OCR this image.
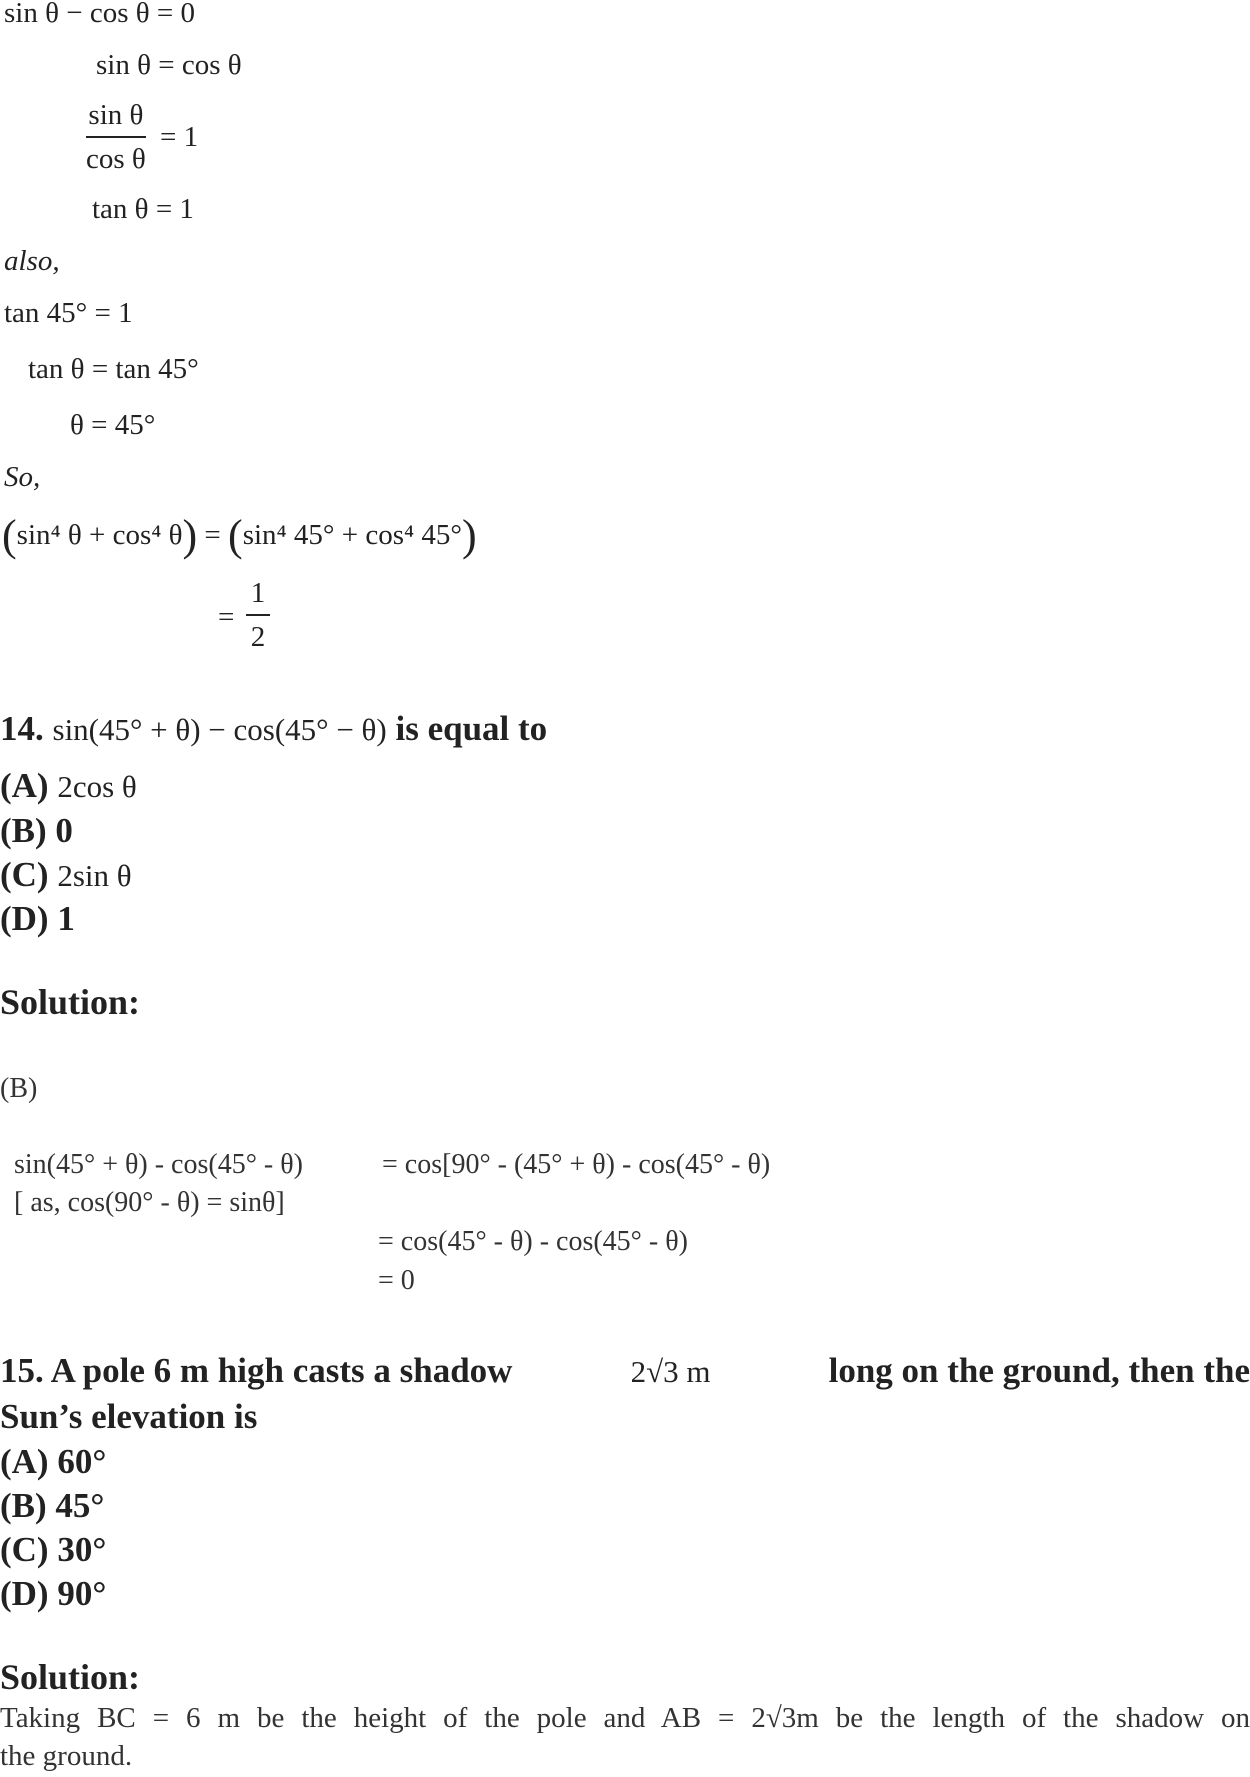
sin θ − cos θ = 0
sin θ = cos θ
sin θ
cos θ
= 1
tan θ = 1
also,
tan 45° = 1
tan θ = tan 45°
θ = 45°
So,
(sin⁴ θ + cos⁴ θ) = (sin⁴ 45° + cos⁴ 45°)
=
1
2
14. sin(45° + θ) − cos(45° − θ) is equal to
(A) 2cos θ
(B) 0
(C) 2sin θ
(D) 1
Solution:
(B)
sin(45° + θ) - cos(45° - θ)	= cos[90° - (45° + θ) - cos(45° - θ)
[ as, cos(90° - θ) = sinθ]
= cos(45° - θ) - cos(45° - θ)
= 0
15. A pole 6 m high casts a shadow	2√3 m	long on the ground, then the
Sun’s elevation is
(A) 60°
(B) 45°
(C) 30°
(D) 90°
Solution:
Taking BC = 6 m be the height of the pole and AB = 2√3m be the length of the shadow on
the ground.
